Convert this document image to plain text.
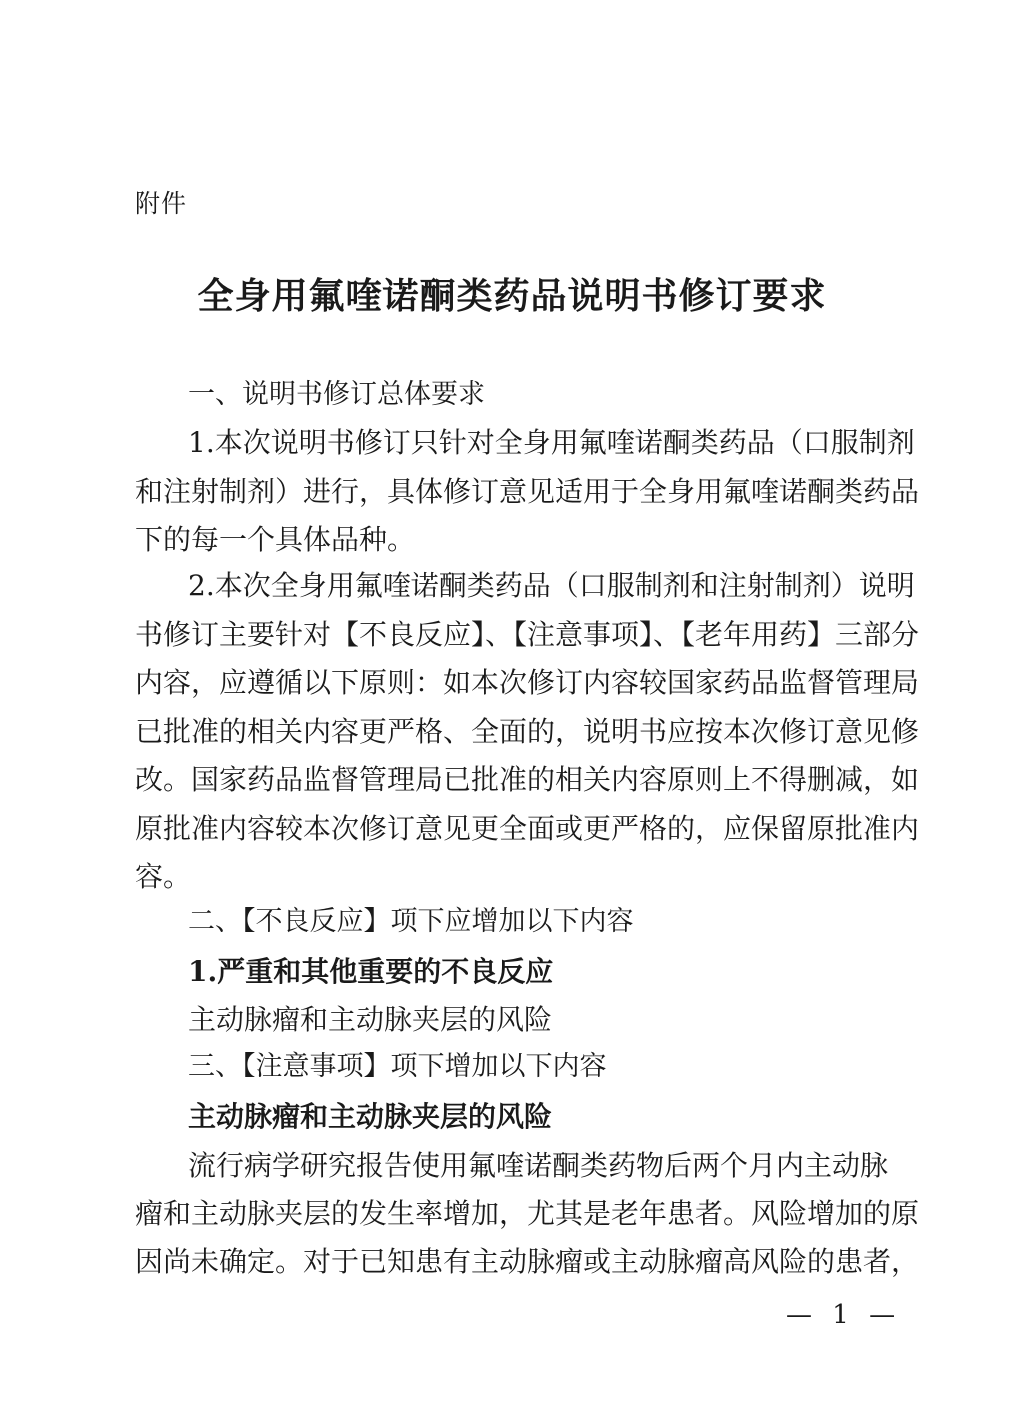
附件
全身用氟喹诺酮类药品说明书修订要求
一、说明书修订总体要求
1.本次说明书修订只针对全身用氟喹诺酮类药品（口服制剂
和注射制剂）进行，具体修订意见适用于全身用氟喹诺酮类药品
下的每一个具体品种。
2.本次全身用氟喹诺酮类药品（口服制剂和注射制剂）说明
书修订主要针对【不良反应】、【注意事项】、【老年用药】三部分
内容，应遵循以下原则：如本次修订内容较国家药品监督管理局
已批准的相关内容更严格、全面的，说明书应按本次修订意见修
改。国家药品监督管理局已批准的相关内容原则上不得删减，如
原批准内容较本次修订意见更全面或更严格的，应保留原批准内
容。
二、【不良反应】项下应增加以下内容
1.严重和其他重要的不良反应
主动脉瘤和主动脉夹层的风险
三、【注意事项】项下增加以下内容
主动脉瘤和主动脉夹层的风险
流行病学研究报告使用氟喹诺酮类药物后两个月内主动脉
瘤和主动脉夹层的发生率增加，尤其是老年患者。风险增加的原
因尚未确定。对于已知患有主动脉瘤或主动脉瘤高风险的患者，
— 1 —
